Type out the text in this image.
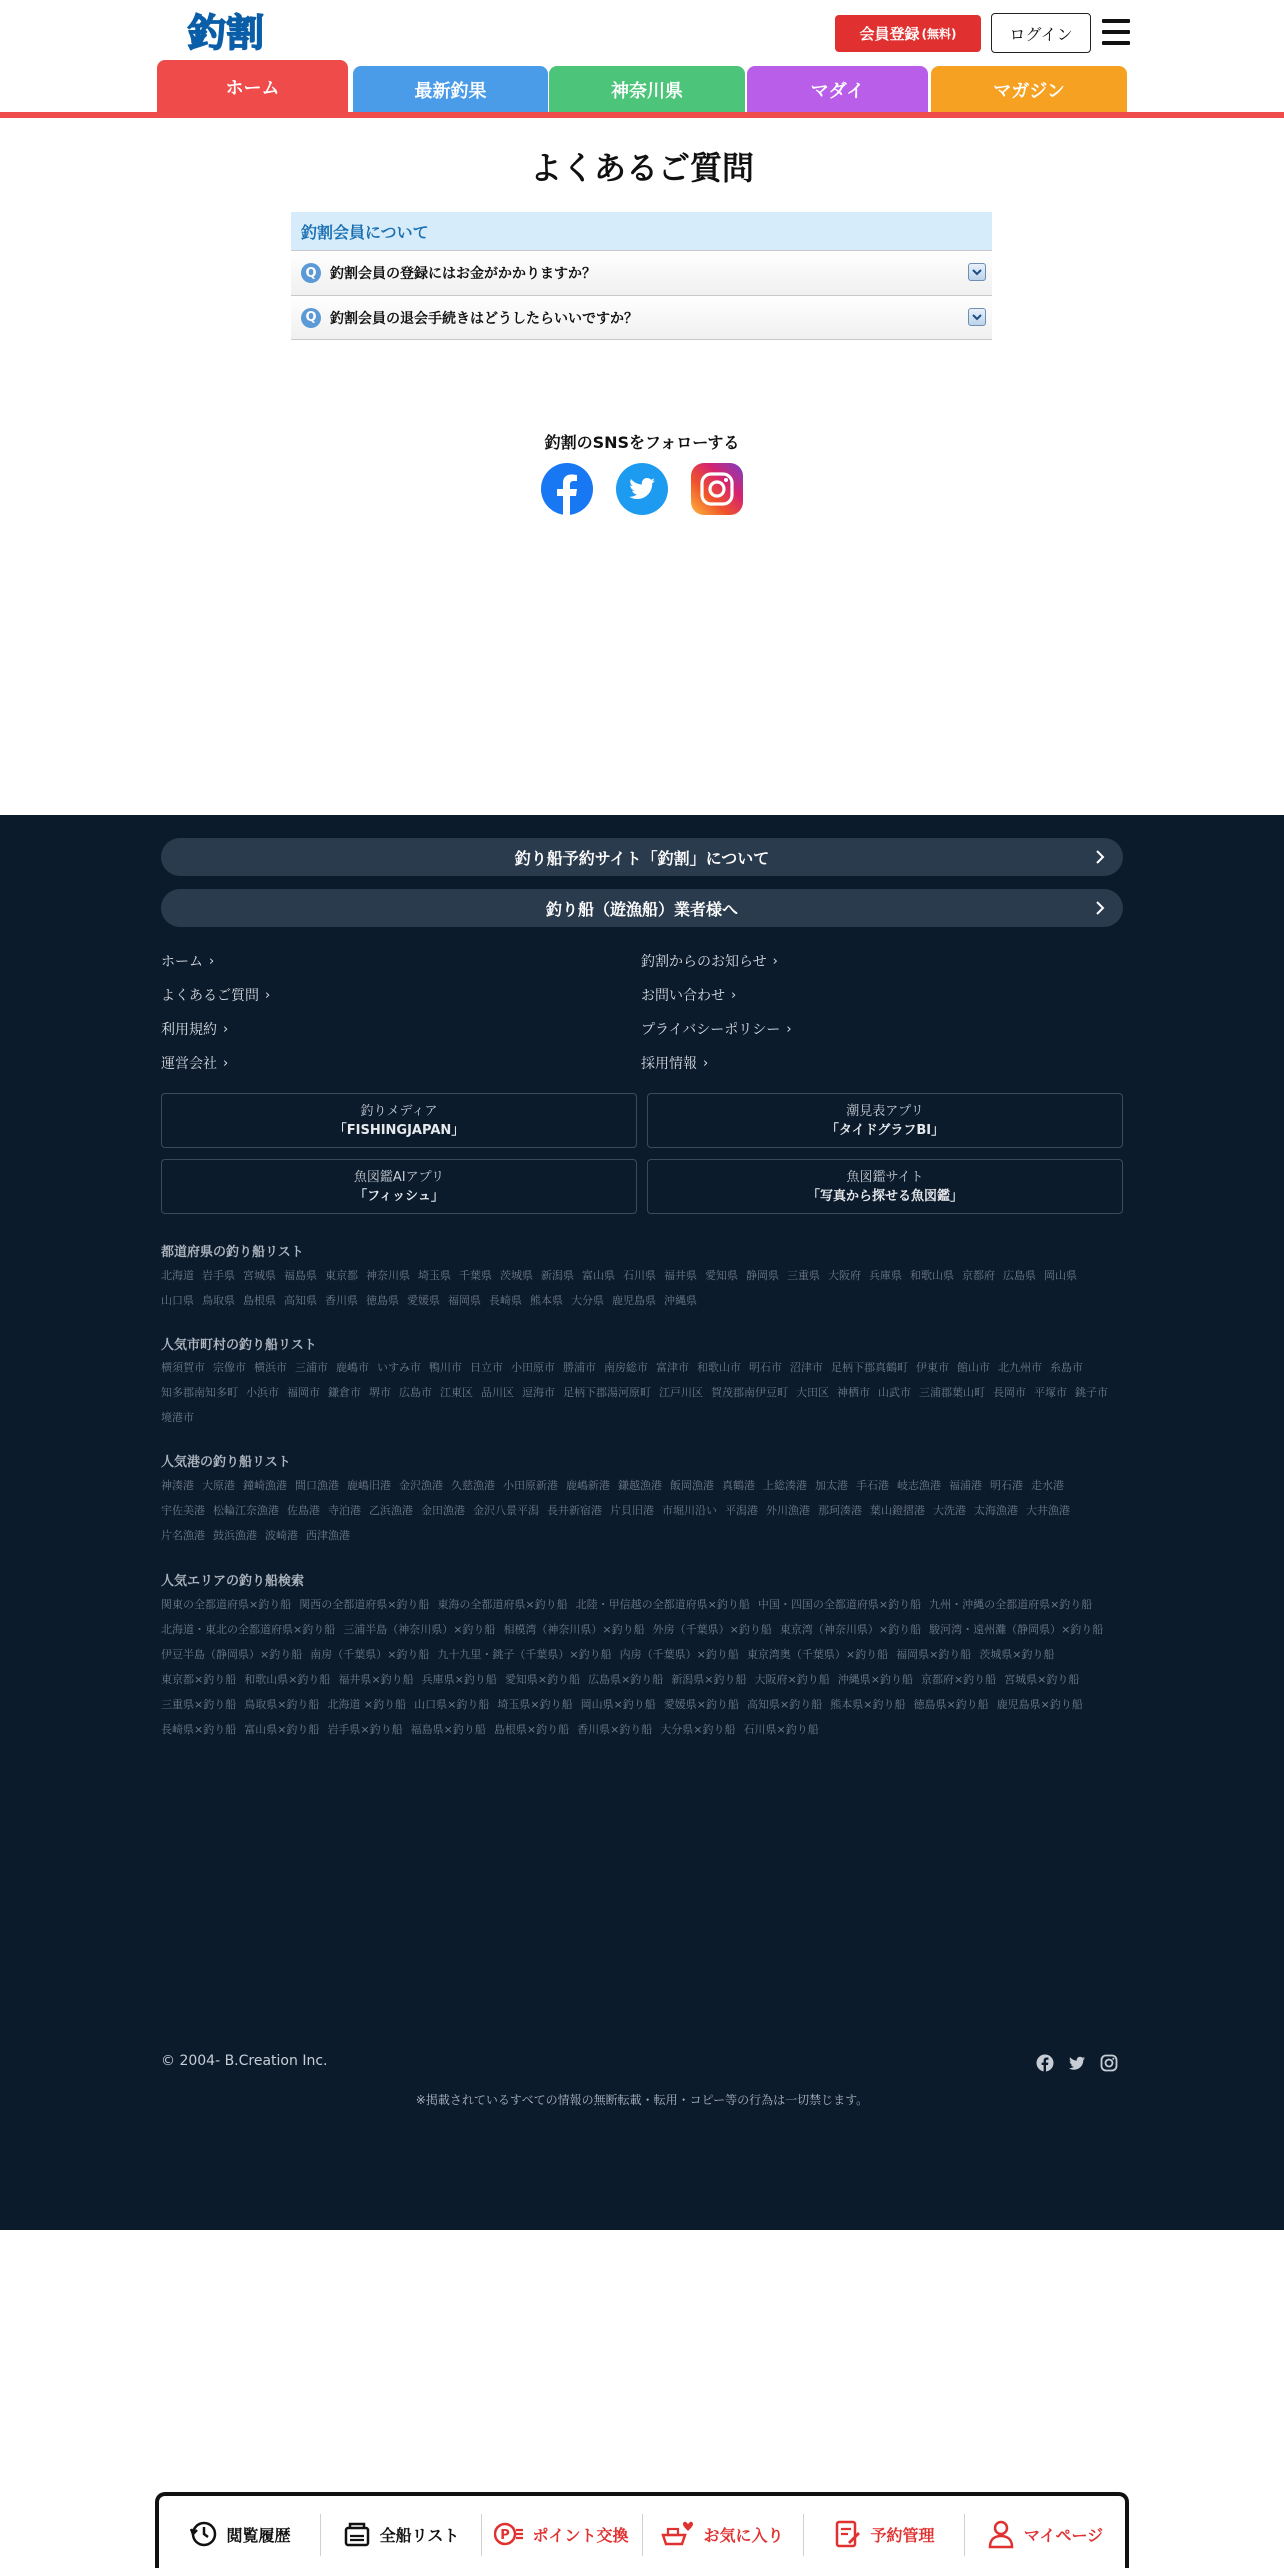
釣割	会員登録 (無料)	ログイン
ホーム	最新釣果	神奈川県	マダイ	マガジン
よくあるご質問
釣割会員について
Q 釣割会員の登録にはお金がかかりますか？
Q 釣割会員の退会手続きはどうしたらいいですか？
釣割のSNSをフォローする
釣り船予約サイト「釣割」について
釣り船（遊漁船）業者様へ
ホーム ›
よくあるご質問 ›
利用規約 ›
運営会社 ›
釣割からのお知らせ ›
お問い合わせ ›
プライバシーポリシー ›
採用情報 ›
釣りメディア
「FISHINGJAPAN」
潮見表アプリ
「タイドグラフBI」
魚図鑑AIアプリ
「フィッシュ」
魚図鑑サイト
「写真から探せる魚図鑑」
都道府県の釣り船リスト
北海道 岩手県 宮城県 福島県 東京都 神奈川県 埼玉県 千葉県 茨城県 新潟県 富山県 石川県 福井県 愛知県 静岡県 三重県 大阪府 兵庫県 和歌山県 京都府 広島県 岡山県山口県 鳥取県 島根県 高知県 香川県 徳島県 愛媛県 福岡県 長崎県 熊本県 大分県 鹿児島県 沖縄県
人気市町村の釣り船リスト
横須賀市 宗像市 横浜市 三浦市 鹿嶋市 いすみ市 鴨川市 日立市 小田原市 勝浦市 南房総市 富津市 和歌山市 明石市 沼津市 足柄下郡真鶴町 伊東市 館山市 北九州市 糸島市知多郡南知多町 小浜市 福岡市 鎌倉市 堺市 広島市 江東区 品川区 逗海市 足柄下郡湯河原町 江戸川区 賀茂郡南伊豆町 大田区 神栖市 山武市 三浦郡葉山町 長岡市 平塚市 銚子市境港市
人気港の釣り船リスト
神湊港 大原港 鐘崎漁港 間口漁港 鹿嶋旧港 金沢漁港 久慈漁港 小田原新港 鹿嶋新港 鎌越漁港 飯岡漁港 真鶴港 上総湊港 加太港 手石港 岐志漁港 福浦港 明石港 走水港宇佐美港 松輪江奈漁港 佐島港 寺泊港 乙浜漁港 金田漁港 金沢八景平潟 長井新宿港 片貝旧港 市堀川沿い 平潟港 外川漁港 那珂湊港 葉山鐙摺港 大洗港 太海漁港 大井漁港片名漁港 鼓浜漁港 波崎港 西津漁港
人気エリアの釣り船検索
関東の全都道府県×釣り船 関西の全都道府県×釣り船 東海の全都道府県×釣り船 北陸・甲信越の全都道府県×釣り船 中国・四国の全都道府県×釣り船 九州・沖縄の全都道府県×釣り船北海道・東北の全都道府県×釣り船 三浦半島（神奈川県）×釣り船 相模湾（神奈川県）×釣り船 外房（千葉県）×釣り船 東京湾（神奈川県）×釣り船 駿河湾・遠州灘（静岡県）×釣り船伊豆半島（静岡県）×釣り船 南房（千葉県）×釣り船 九十九里・銚子（千葉県）×釣り船 内房（千葉県）×釣り船 東京湾奥（千葉県）×釣り船 福岡県×釣り船 茨城県×釣り船東京都×釣り船 和歌山県×釣り船 福井県×釣り船 兵庫県×釣り船 愛知県×釣り船 広島県×釣り船 新潟県×釣り船 大阪府×釣り船 沖縄県×釣り船 京都府×釣り船 宮城県×釣り船三重県×釣り船 鳥取県×釣り船 北海道 ×釣り船 山口県×釣り船 埼玉県×釣り船 岡山県×釣り船 愛媛県×釣り船 高知県×釣り船 熊本県×釣り船 徳島県×釣り船 鹿児島県×釣り船長崎県×釣り船 富山県×釣り船 岩手県×釣り船 福島県×釣り船 島根県×釣り船 香川県×釣り船 大分県×釣り船 石川県×釣り船
© 2004- B.Creation Inc.
※掲載されているすべての情報の無断転載・転用・コピー等の行為は一切禁じます。
閲覧履歴	全船リスト	P ポイント交換	お気に入り	予約管理	マイページ
